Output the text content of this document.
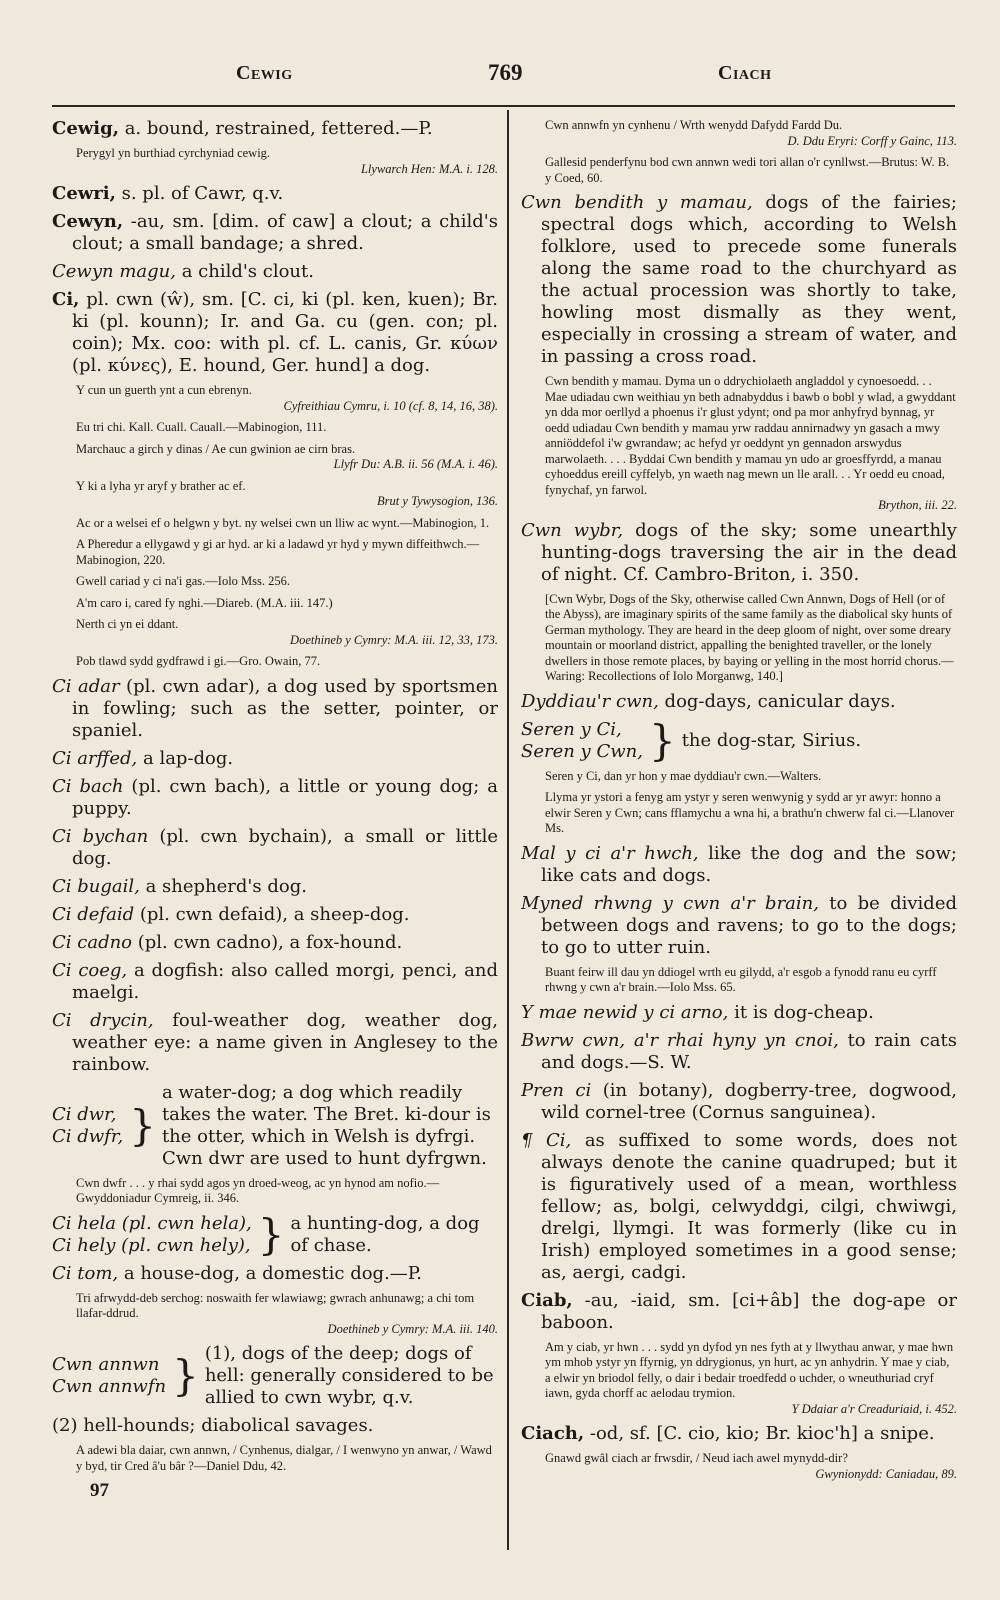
Cewig	769	Ciach

Cewig, a. bound, restrained, fettered.—P.

Perygyl yn burthiad cyrchyniad cewig.
Llywarch Hen: M.A. i. 128.

Cewri, s. pl. of Cawr, q.v.

Cewyn, -au, sm. [dim. of caw] a clout; a child's clout; a small bandage; a shred.

Cewyn magu, a child's clout.

Ci, pl. cwn (ŵ), sm. [C. ci, ki (pl. ken, kuen); Br. ki (pl. kounn); Ir. and Ga. cu (gen. con; pl. coin); Mx. coo: with pl. cf. L. canis, Gr. κύων (pl. κύνες), E. hound, Ger. hund] a dog.

Y cun un guerth ynt a cun ebrenyn.
Cyfreithiau Cymru, i. 10 (cf. 8, 14, 16, 38).
Eu tri chi. Kall. Cuall. Cauall.—Mabinogion, 111.
Marchauc a girch y dinas / Ae cun gwinion ae cirn bras.
Llyfr Du: A.B. ii. 56 (M.A. i. 46).
Y ki a lyha yr aryf y brather ac ef.
Brut y Tywysogion, 136.
Ac or a welsei ef o helgwn y byt. ny welsei cwn un lliw ac wynt.—Mabinogion, 1.
A Pheredur a ellygawd y gi ar hyd. ar ki a ladawd yr hyd y mywn diffeithwch.—Mabinogion, 220.
Gwell cariad y ci na'i gas.—Iolo Mss. 256.
A'm caro i, cared fy nghi.—Diareb. (M.A. iii. 147.)
Nerth ci yn ei ddant.
Doethineb y Cymry: M.A. iii. 12, 33, 173.
Pob tlawd sydd gydfrawd i gi.—Gro. Owain, 77.

Ci adar (pl. cwn adar), a dog used by sportsmen in fowling; such as the setter, pointer, or spaniel.

Ci arffed, a lap-dog.

Ci bach (pl. cwn bach), a little or young dog; a puppy.

Ci bychan (pl. cwn bychain), a small or little dog.

Ci bugail, a shepherd's dog.

Ci defaid (pl. cwn defaid), a sheep-dog.

Ci cadno (pl. cwn cadno), a fox-hound.

Ci coeg, a dogfish: also called morgi, penci, and maelgi.

Ci drycin, foul-weather dog, weather dog, weather eye: a name given in Anglesey to the rainbow.

Ci dwr,
Ci dwfr, }
a water-dog; a dog which readily takes the water. The Bret. ki-dour is the otter, which in Welsh is dyfrgi. Cwn dwr are used to hunt dyfrgwn.
Cwn dwfr . . . y rhai sydd agos yn droed-weog, ac yn hynod am nofio.—Gwyddoniadur Cymreig, ii. 346.
Ci hela (pl. cwn hela),
Ci hely (pl. cwn hely), } a hunting-dog, a dog of chase.

Ci tom, a house-dog, a domestic dog.—P.

Tri afrwydd-deb serchog: noswaith fer wlawiawg; gwrach anhunawg; a chi tom llafar-ddrud.
Doethineb y Cymry: M.A. iii. 140.
Cwn annwn
Cwn annwfn } (1), dogs of the deep; dogs of hell: generally considered to be allied to cwn wybr, q.v.

(2) hell-hounds; diabolical savages.

A adewi bla daiar, cwn annwn, / Cynhenus, dialgar, / I wenwyno yn anwar, / Wawd y byd, tir Cred â'u bâr ?—Daniel Ddu, 42.
97
Cwn annwfn yn cynhenu / Wrth wenydd Dafydd Fardd Du.
D. Ddu Eryri: Corff y Gainc, 113.
Gallesid penderfynu bod cwn annwn wedi tori allan o'r cynllwst.—Brutus: W. B. y Coed, 60.

Cwn bendith y mamau, dogs of the fairies; spectral dogs which, according to Welsh folklore, used to precede some funerals along the same road to the churchyard as the actual procession was shortly to take, howling most dismally as they went, especially in crossing a stream of water, and in passing a cross road.

Cwn bendith y mamau. Dyma un o ddrychiolaeth angladdol y cynoesoedd. . . Mae udiadau cwn weithiau yn beth adnabyddus i bawb o bobl y wlad, a gwyddant yn dda mor oerllyd a phoenus i'r glust ydynt; ond pa mor anhyfryd bynnag, yr oedd udiadau Cwn bendith y mamau yrw raddau annirnadwy yn gasach a mwy anniöddefol i'w gwrandaw; ac hefyd yr oeddynt yn gennadon arswydus marwolaeth. . . . Byddai Cwn bendith y mamau yn udo ar groesffyrdd, a manau cyhoeddus ereill cyffelyb, yn waeth nag mewn un lle arall. . . Yr oedd eu cnoad, fynychaf, yn farwol.
Brython, iii. 22.

Cwn wybr, dogs of the sky; some unearthly hunting-dogs traversing the air in the dead of night. Cf. Cambro-Briton, i. 350.

[Cwn Wybr, Dogs of the Sky, otherwise called Cwn Annwn, Dogs of Hell (or of the Abyss), are imaginary spirits of the same family as the diabolical sky hunts of German mythology. They are heard in the deep gloom of night, over some dreary mountain or moorland district, appalling the benighted traveller, or the lonely dwellers in those remote places, by baying or yelling in the most horrid chorus.—Waring: Recollections of Iolo Morganwg, 140.]

Dyddiau'r cwn, dog-days, canicular days.

Seren y Ci,
Seren y Cwn, } the dog-star, Sirius.
Seren y Ci, dan yr hon y mae dyddiau'r cwn.—Walters.
Llyma yr ystori a fenyg am ystyr y seren wenwynig y sydd ar yr awyr: honno a elwir Seren y Cwn; cans fflamychu a wna hi, a brathu'n chwerw fal ci.—Llanover Ms.

Mal y ci a'r hwch, like the dog and the sow; like cats and dogs.

Myned rhwng y cwn a'r brain, to be divided between dogs and ravens; to go to the dogs; to go to utter ruin.

Buant feirw ill dau yn ddiogel wrth eu gilydd, a'r esgob a fynodd ranu eu cyrff rhwng y cwn a'r brain.—Iolo Mss. 65.

Y mae newid y ci arno, it is dog-cheap.

Bwrw cwn, a'r rhai hyny yn cnoi, to rain cats and dogs.—S. W.

Pren ci (in botany), dogberry-tree, dogwood, wild cornel-tree (Cornus sanguinea).

¶ Ci, as suffixed to some words, does not always denote the canine quadruped; but it is figuratively used of a mean, worthless fellow; as, bolgi, celwyddgi, cilgi, chwiwgi, drelgi, llymgi. It was formerly (like cu in Irish) employed sometimes in a good sense; as, aergi, cadgi.

Ciab, -au, -iaid, sm. [ci+âb] the dog-ape or baboon.

Am y ciab, yr hwn . . . sydd yn dyfod yn nes fyth at y llwythau anwar, y mae hwn ym mhob ystyr yn ffyrnig, yn ddrygionus, yn hurt, ac yn anhydrin. Y mae y ciab, a elwir yn briodol felly, o dair i bedair troedfedd o uchder, o wneuthuriad cryf iawn, gyda chorff ac aelodau trymion.
Y Ddaiar a'r Creaduriaid, i. 452.

Ciach, -od, sf. [C. cio, kio; Br. kioc'h] a snipe.

Gnawd gwâl ciach ar frwsdir, / Neud iach awel mynydd-dir?
Gwynionydd: Caniadau, 89.
